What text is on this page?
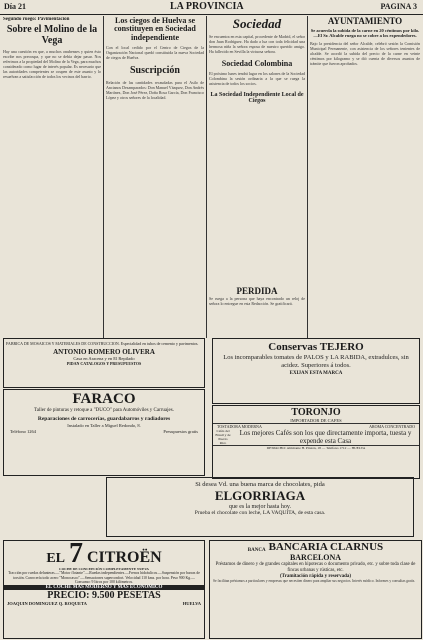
Día 21	LA PROVINCIA	PAGINA 3
Segundo ruego: Pavimentación
Sobre el Molino de la Vega
Hay una cuestión en que, a muchos onubenses y quien ésto escribe nos preocupa, y que no se debía dejar pasar. Nos referimos a la propiedad del Molino de la Vega, para muchos considerado como lugar de interés popular. Es necesario que las autoridades competentes se ocupen de este asunto y lo resuelvan a satisfacción de todos los vecinos del barrio.
Los ciegos de Huelva se constituyen en Sociedad independiente
Con el local cedido por el Centro de Ciegos de la Organización Nacional quedó constituida la nueva Sociedad de ciegos de Huelva.
Suscripción
Relación de las cantidades recaudadas para el Asilo de Ancianos Desamparados: Don Manuel Vázquez, Don Andrés Martínez, Don José Pérez, Doña Rosa García, Don Francisco López y otros señores de la localidad.
Sociedad
Se encuentra en esta capital, procedente de Madrid, el señor don Juan Rodríguez. Ha dado a luz con toda felicidad una hermosa niña la señora esposa de nuestro querido amigo. Ha fallecido en Sevilla la virtuosa señora.
Sociedad Colombina
El próximo lunes tendrá lugar en los salones de la Sociedad Colombina la sesión ordinaria a la que se ruega la asistencia de todos los socios.
La Sociedad Independiente Local de Ciegos
PERDIDA
Se ruega a la persona que haya encontrado un reloj de señora lo entregue en esta Redacción. Se gratificará.
AYUNTAMIENTO
Se acuerda la subida de la carne en 20 céntimos por kilo.—El Sr. Alcalde ruega no se cobre a los expendedores.
Bajo la presidencia del señor Alcalde, celebró sesión la Comisión Municipal Permanente, con asistencia de los señores tenientes de alcalde. Se acordó la subida del precio de la carne en veinte céntimos por kilogramo y se dió cuenta de diversos asuntos de trámite que fueron aprobados.
FABRICA DE MOSAICOS Y MATERIALES DE CONSTRUCCION. Especialidad en tubos de cemento y pavimentos.
ANTONIO ROMERO OLIVERA
Casa en Aracena y en El Repilado
PIDAN CATALOGOS Y PRESUPUESTOS
Conservas TEJERO
Los incomparables tomates de PALOS y LA RABIDA, extradulces, sin acidez. Superiores á todos.
EXIJAN ESTA MARCA
FARACO
Taller de pinturas y retoque a "DUCO" para Automóviles y Carruajes.
Reparaciones de carrocerías, guardabarros y radiadores
Instalado en Taller a Miguel Redondo, 8.
Teléfono 1264	Presupuestos gratis
TORONJO
IMPORTADOR DE CAFES
TOSTADORA MODERNA	AROMA CONCENTRADO
Cafés del Brasil y de Puerto Rico
Los mejores Cafés son los que directamente importa, tuesta y expende esta Casa
DESPACHO: Almirante H. Pinzón, 18 — Teléfono 1712 — HUELVA
Si desea Vd. una buena marca de chocolates, pida
ELGORRIAGA
que es la mejor hasta hoy.
Prueba el chocolate con leche, LA VAQUITA, de esta casa.
EL 7 CITROËN
COCHE DE CONCEPCIÓN COMPLETAMENTE NUEVA
Tracción por ruedas delanteras.—"Motor flotante".—Ruedas independientes.—Frenos hidráulicos.—Suspensión por barras de torsión. Carrocería todo acero "Monocasco".—Sensaciones superconfort. Velocidad 110 kms. por hora. Peso 900 Kg.—Consumo: 9 litros por 100 kilómetros.
EL COCHE MAS MODERNO Y MAS ECONOMICO
PRECIO: 9.500 PESETAS
JOAQUIN DOMINGUEZ Q. ROQUETA	HUELVA
BANCA BANCARIA CLARNUS
BARCELONA
Préstamos de dinero y de grandes capitales en hipotecas o documento privado, etc. y sobre toda clase de fincas urbanas y rústicas, etc.
(Tramitación rápida y reservada)
Se facilitan préstamos a particulares y empresas que necesiten dinero para ampliar sus negocios. Interés módico. Informes y consultas gratis.
